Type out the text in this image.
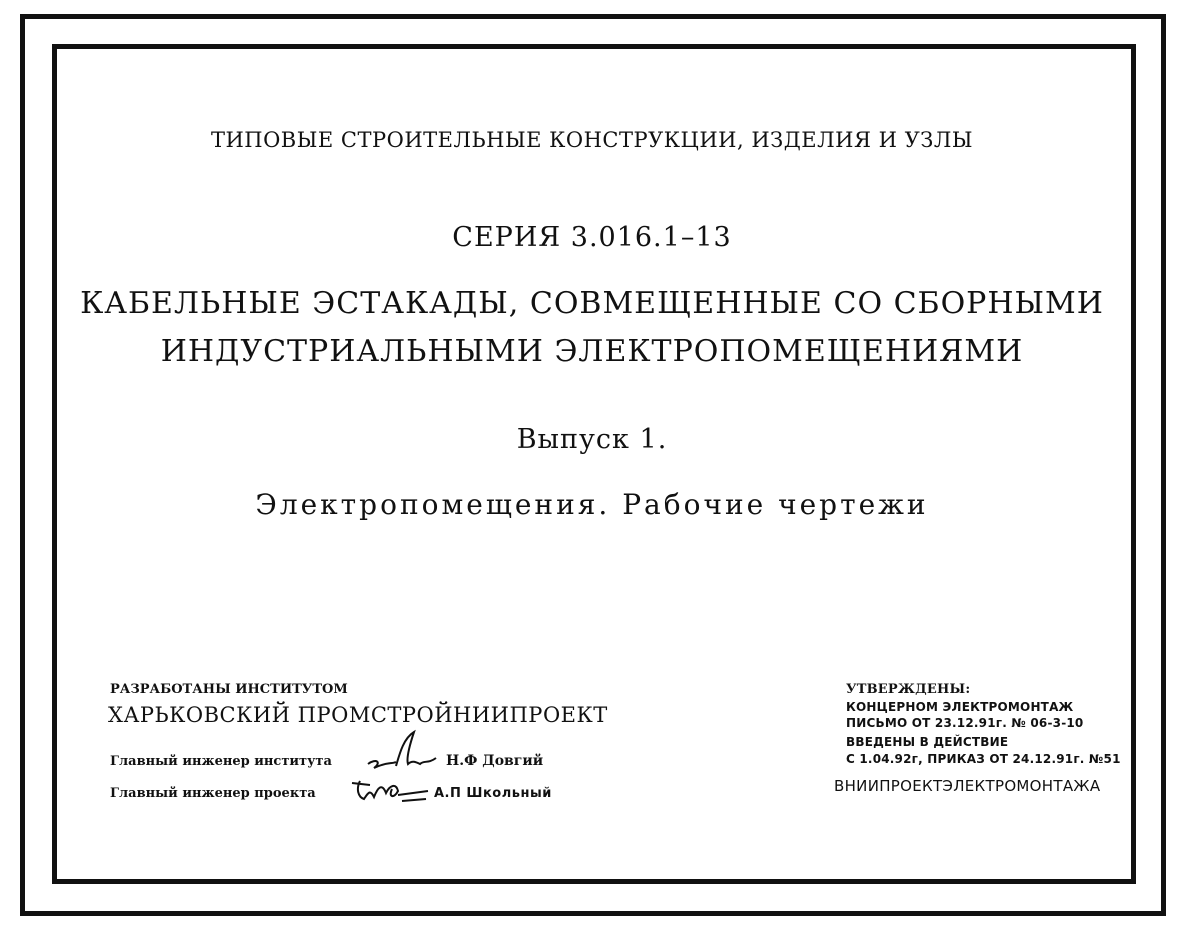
ТИПОВЫЕ СТРОИТЕЛЬНЫЕ КОНСТРУКЦИИ, ИЗДЕЛИЯ И УЗЛЫ
СЕРИЯ 3.016.1–13
КАБЕЛЬНЫЕ ЭСТАКАДЫ, СОВМЕЩЕННЫЕ СО СБОРНЫМИ
ИНДУСТРИАЛЬНЫМИ ЭЛЕКТРОПОМЕЩЕНИЯМИ
Выпуск 1.
Электропомещения. Рабочие чертежи
РАЗРАБОТАНЫ ИНСТИТУТОМ
ХАРЬКОВСКИЙ ПРОМСТРОЙНИИПРОЕКТ
Главный инженер института	Н.Ф Довгий
Главный инженер проекта	А.П Школьный
УТВЕРЖДЕНЫ:
КОНЦЕРНОМ ЭЛЕКТРОМОНТАЖ
ПИСЬМО ОТ 23.12.91г. № 06-3-10
ВВЕДЕНЫ В ДЕЙСТВИЕ
С 1.04.92г, ПРИКАЗ ОТ 24.12.91г. №51
ВНИИПРОЕКТЭЛЕКТРОМОНТАЖА
